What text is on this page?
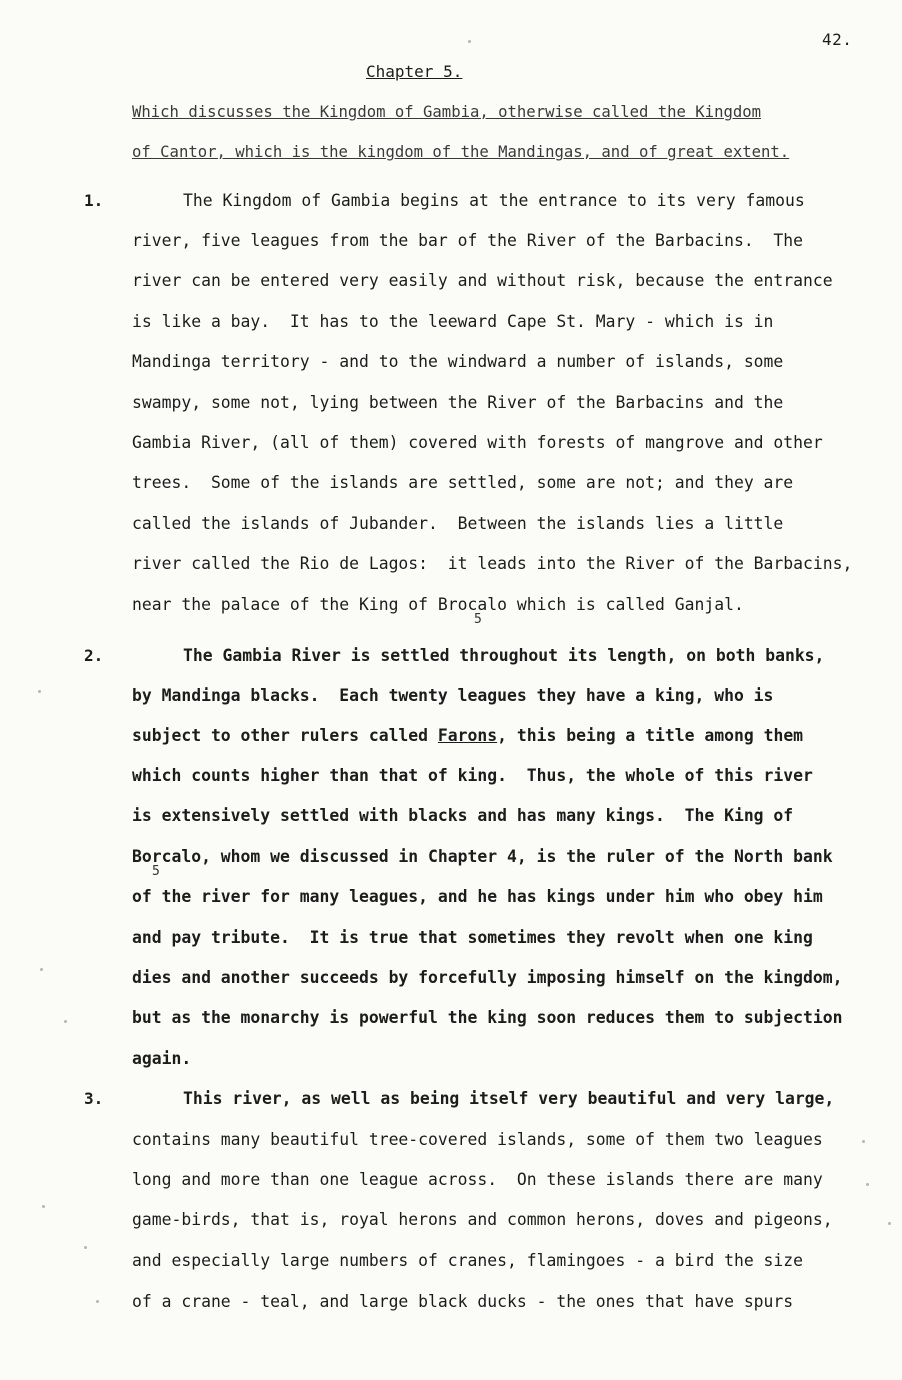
42.
Chapter 5.
Which discusses the Kingdom of Gambia, otherwise called the Kingdom
of Cantor, which is the kingdom of the Mandingas, and of great extent.
1.	The Kingdom of Gambia begins at the entrance to its very famous
river, five leagues from the bar of the River of the Barbacins.  The
river can be entered very easily and without risk, because the entrance
is like a bay.  It has to the leeward Cape St. Mary - which is in
Mandinga territory - and to the windward a number of islands, some
swampy, some not, lying between the River of the Barbacins and the
Gambia River, (all of them) covered with forests of mangrove and other
trees.  Some of the islands are settled, some are not; and they are
called the islands of Jubander.  Between the islands lies a little
river called the Rio de Lagos:  it leads into the River of the Barbacins,
near the palace of the King of Brocalo which is called Ganjal.
5
2.	The Gambia River is settled throughout its length, on both banks,
by Mandinga blacks.  Each twenty leagues they have a king, who is
subject to other rulers called Farons, this being a title among them
which counts higher than that of king.  Thus, the whole of this river
is extensively settled with blacks and has many kings.  The King of
Borcalo, whom we discussed in Chapter 4, is the ruler of the North bank
5
of the river for many leagues, and he has kings under him who obey him
and pay tribute.  It is true that sometimes they revolt when one king
dies and another succeeds by forcefully imposing himself on the kingdom,
but as the monarchy is powerful the king soon reduces them to subjection
again.
3.	This river, as well as being itself very beautiful and very large,
contains many beautiful tree-covered islands, some of them two leagues
long and more than one league across.  On these islands there are many
game-birds, that is, royal herons and common herons, doves and pigeons,
and especially large numbers of cranes, flamingoes - a bird the size
of a crane - teal, and large black ducks - the ones that have spurs
